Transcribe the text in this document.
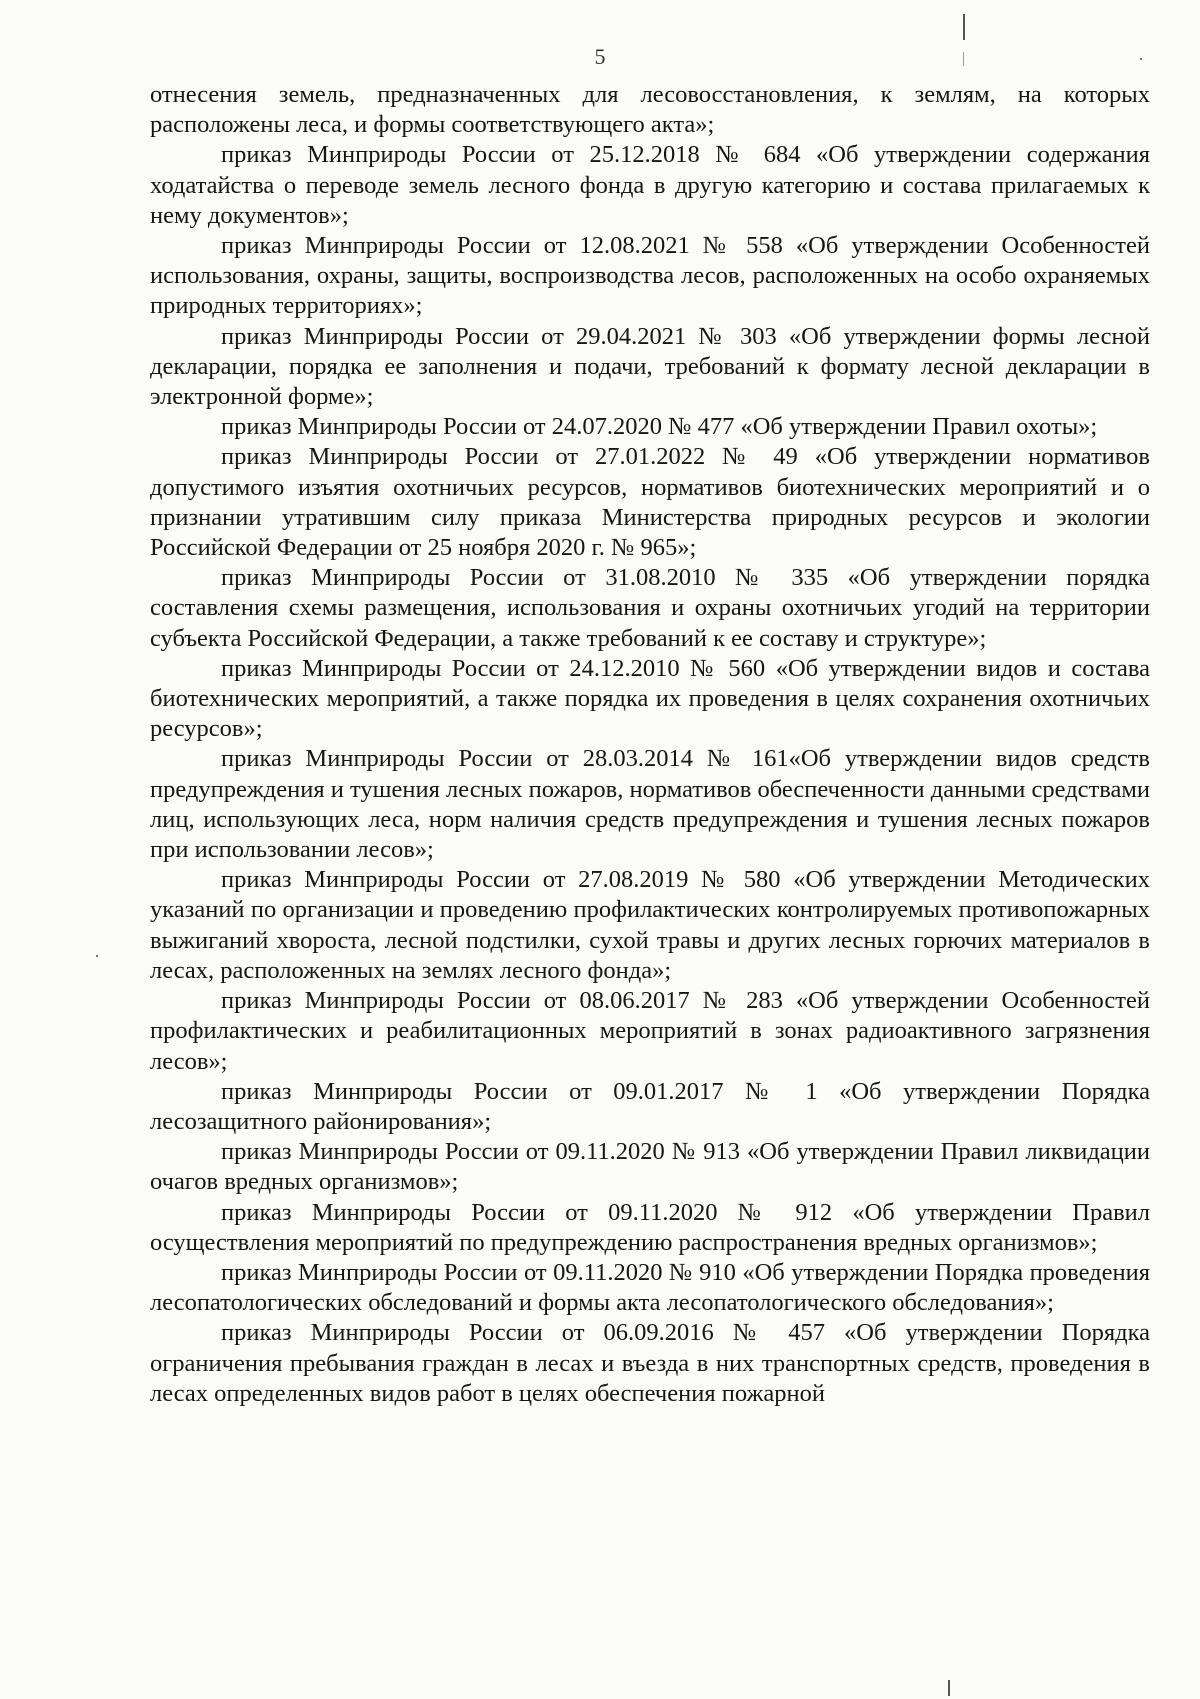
5

отнесения земель, предназначенных для лесовосстановления, к землям, на которых расположены леса, и формы соответствующего акта»;

приказ Минприроды России от 25.12.2018 № 684 «Об утверждении содержания ходатайства о переводе земель лесного фонда в другую категорию и состава прилагаемых к нему документов»;

приказ Минприроды России от 12.08.2021 № 558 «Об утверждении Особенностей использования, охраны, защиты, воспроизводства лесов, расположенных на особо охраняемых природных территориях»;

приказ Минприроды России от 29.04.2021 № 303 «Об утверждении формы лесной декларации, порядка ее заполнения и подачи, требований к формату лесной декларации в электронной форме»;

приказ Минприроды России от 24.07.2020 № 477 «Об утверждении Правил охоты»;

приказ Минприроды России от 27.01.2022 № 49 «Об утверждении нормативов допустимого изъятия охотничьих ресурсов, нормативов биотехнических мероприятий и о признании утратившим силу приказа Министерства природных ресурсов и экологии Российской Федерации от 25 ноября 2020 г. № 965»;

приказ Минприроды России от 31.08.2010 № 335 «Об утверждении порядка составления схемы размещения, использования и охраны охотничьих угодий на территории субъекта Российской Федерации, а также требований к ее составу и структуре»;

приказ Минприроды России от 24.12.2010 № 560 «Об утверждении видов и состава биотехнических мероприятий, а также порядка их проведения в целях сохранения охотничьих ресурсов»;

приказ Минприроды России от 28.03.2014 № 161«Об утверждении видов средств предупреждения и тушения лесных пожаров, нормативов обеспеченности данными средствами лиц, использующих леса, норм наличия средств предупреждения и тушения лесных пожаров при использовании лесов»;

приказ Минприроды России от 27.08.2019 № 580 «Об утверждении Методических указаний по организации и проведению профилактических контролируемых противопожарных выжиганий хвороста, лесной подстилки, сухой травы и других лесных горючих материалов в лесах, расположенных на землях лесного фонда»;

приказ Минприроды России от 08.06.2017 № 283 «Об утверждении Особенностей профилактических и реабилитационных мероприятий в зонах радиоактивного загрязнения лесов»;

приказ Минприроды России от 09.01.2017 № 1 «Об утверждении Порядка лесозащитного районирования»;

приказ Минприроды России от 09.11.2020 № 913 «Об утверждении Правил ликвидации очагов вредных организмов»;

приказ Минприроды России от 09.11.2020 № 912 «Об утверждении Правил осуществления мероприятий по предупреждению распространения вредных организмов»;

приказ Минприроды России от 09.11.2020 № 910 «Об утверждении Порядка проведения лесопатологических обследований и формы акта лесопатологического обследования»;

приказ Минприроды России от 06.09.2016 № 457 «Об утверждении Порядка ограничения пребывания граждан в лесах и въезда в них транспортных средств, проведения в лесах определенных видов работ в целях обеспечения пожарной
